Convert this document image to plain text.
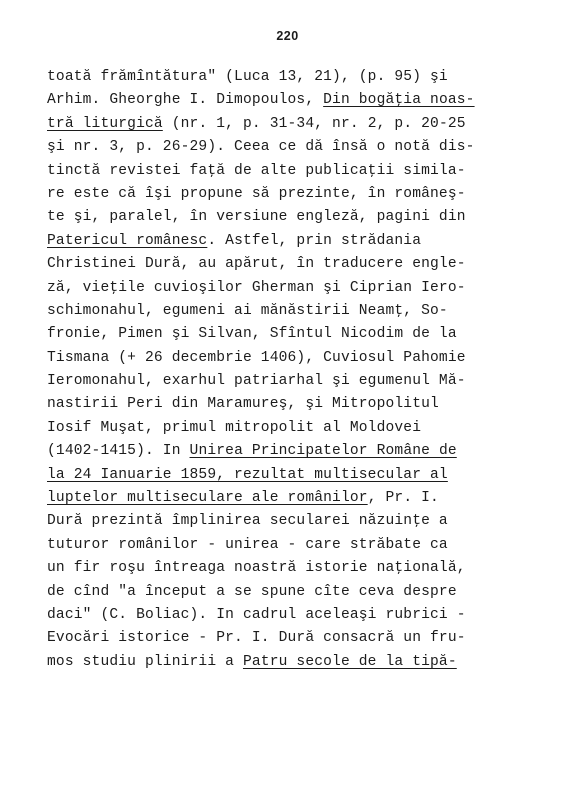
220
toată frămîntătura" (Luca 13, 21), (p. 95) şi
Arhim. Gheorghe I. Dimopoulos, Din bogăţia noas-
tră liturgică (nr. 1, p. 31-34, nr. 2, p. 20-25
şi nr. 3, p. 26-29). Ceea ce dă însă o notă dis-
tinctă revistei faţă de alte publicaţii simila-
re este că îşi propune să prezinte, în româneş-
te şi, paralel, în versiune engleză, pagini din
Patericul românesc. Astfel, prin strădania
Christinei Dură, au apărut, în traducere engle-
ză, vieţile cuvioşilor Gherman şi Ciprian Iero-
schimonahul, egumeni ai mănăstirii Neamţ, So-
fronie, Pimen şi Silvan, Sfîntul Nicodim de la
Tismana (+ 26 decembrie 1406), Cuviosul Pahomie
Ieromonahul, exarhul patriarhal şi egumenul Mă-
nastirii Peri din Maramureş, şi Mitropolitul
Iosif Muşat, primul mitropolit al Moldovei
(1402-1415). In Unirea Principatelor Române de
la 24 Ianuarie 1859, rezultat multisecular al
luptelor multiseculare ale românilor, Pr. I.
Dură prezintă împlinirea secularei năzuinţe a
tuturor românilor - unirea - care străbate ca
un fir roşu întreaga noastră istorie naţională,
de cînd "a început a se spune cîte ceva despre
daci" (C. Boliac). In cadrul aceleaşi rubrici -
Evocări istorice - Pr. I. Dură consacră un fru-
mos studiu plinirii a Patru secole de la tipă-
